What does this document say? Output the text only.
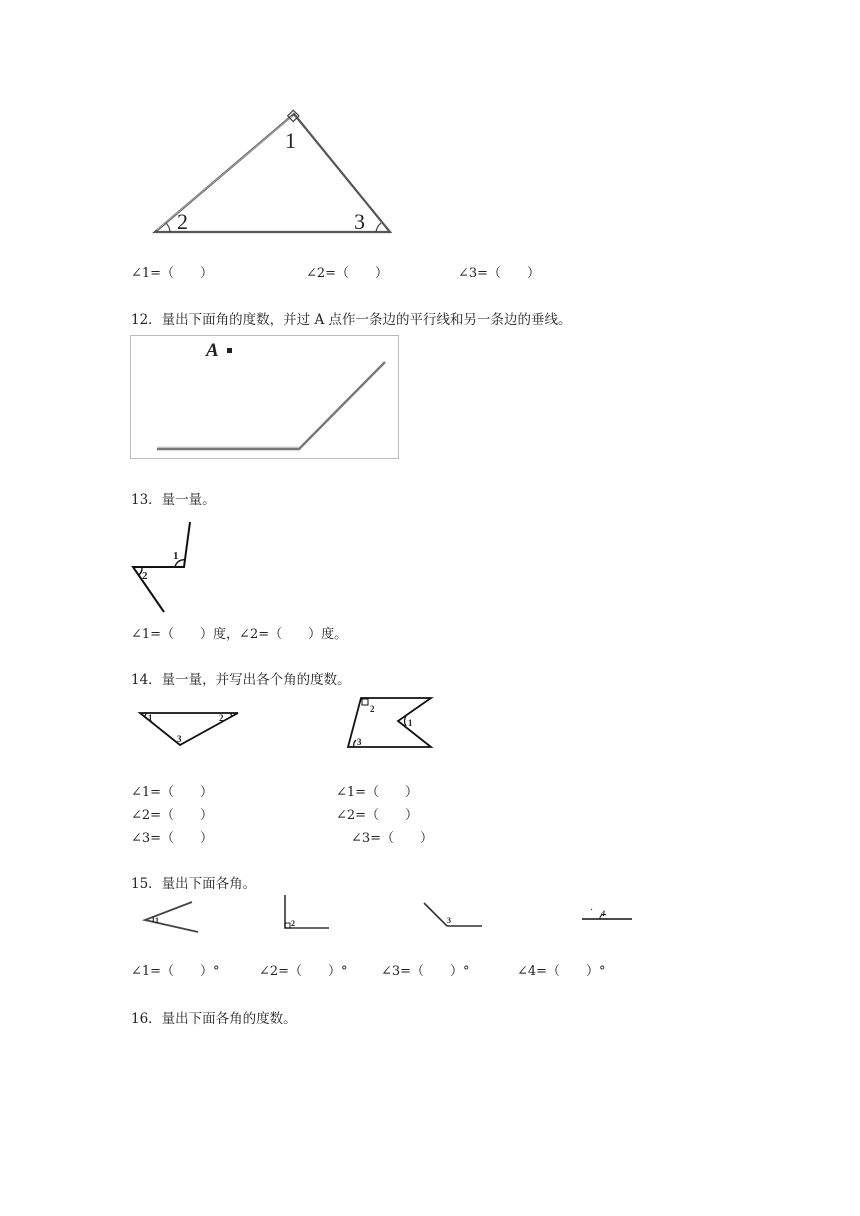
1
2	3
∠1=（　　）	∠2=（　　）	∠3=（　　）
12．量出下面角的度数，并过 A 点作一条边的平行线和另一条边的垂线。
A
13．量一量。
1
2
∠1=（　　）度，∠2=（　　）度。
14．量一量，并写出各个角的度数。
1	2
3
2
1
3
∠1=（　　）
∠2=（　　）
∠3=（　　）
∠1=（　　）
∠2=（　　）
∠3=（　　）
15．量出下面各角。
1	2	3
4
∠1=（　　）°	∠2=（　　）°	∠3=（　　）°	∠4=（　　）°
16．量出下面各角的度数。
